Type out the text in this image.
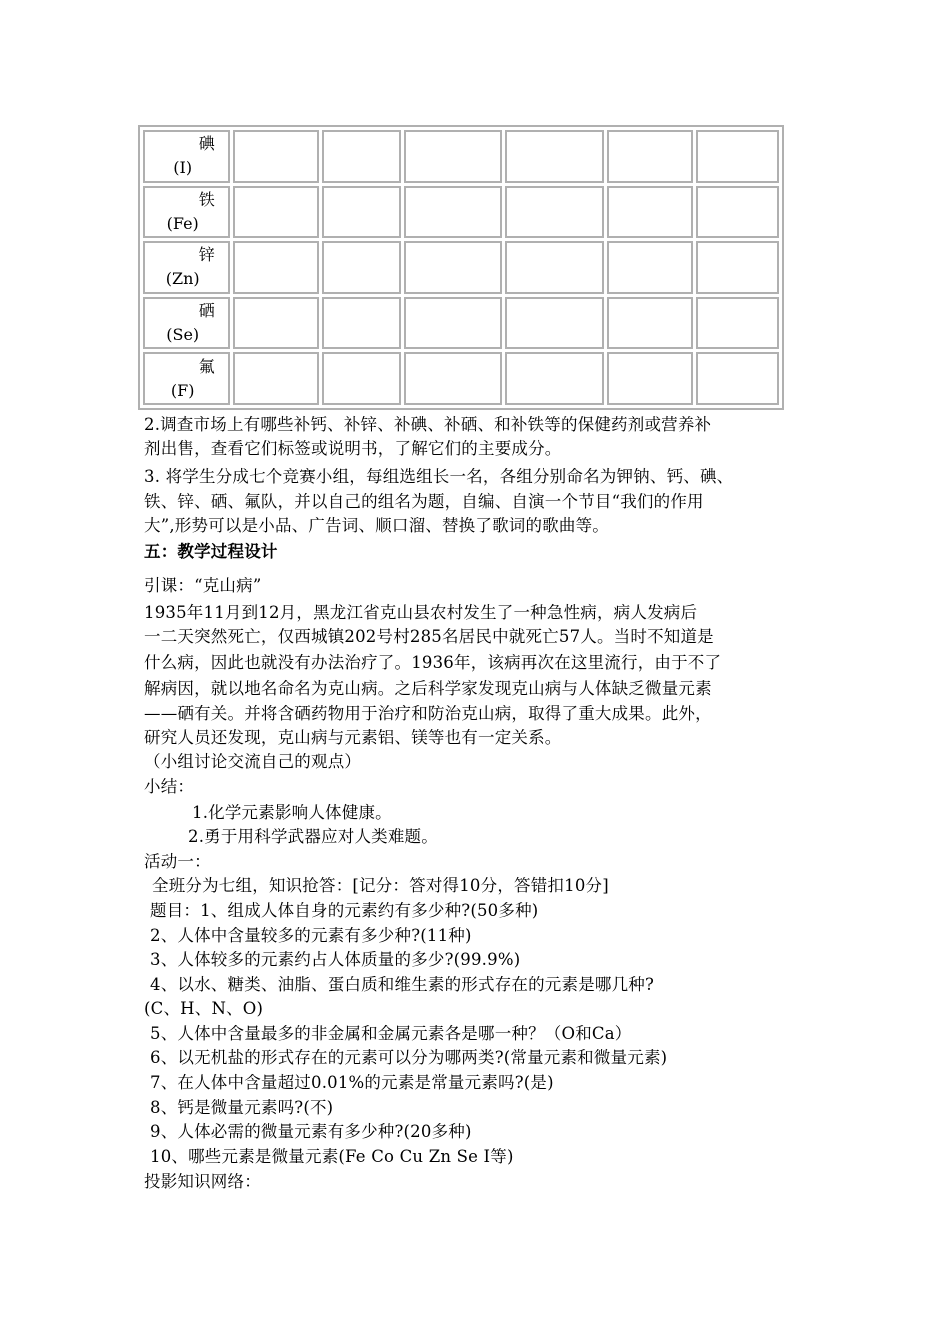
碘
(I)						

铁
(Fe)						

锌
(Zn)						

硒
(Se)						

氟
(F)						

2.调查市场上有哪些补钙、补锌、补碘、补硒、和补铁等的保健药剂或营养补
剂出售，查看它们标签或说明书，了解它们的主要成分。
3. 将学生分成七个竞赛小组，每组选组长一名，各组分别命名为钾钠、钙、碘、
铁、锌、硒、氟队，并以自己的组名为题，自编、自演一个节目“我们的作用
大”,形势可以是小品、广告词、顺口溜、替换了歌词的歌曲等。
五：教学过程设计
引课：“克山病”
1935年11月到12月，黑龙江省克山县农村发生了一种急性病，病人发病后
一二天突然死亡，仅西城镇202号村285名居民中就死亡57人。当时不知道是
什么病，因此也就没有办法治疗了。1936年，该病再次在这里流行，由于不了
解病因，就以地名命名为克山病。之后科学家发现克山病与人体缺乏微量元素
——硒有关。并将含硒药物用于治疗和防治克山病，取得了重大成果。此外，
研究人员还发现，克山病与元素铝、镁等也有一定关系。
（小组讨论交流自己的观点）
小结：
1.化学元素影响人体健康。
2.勇于用科学武器应对人类难题。
活动一：
全班分为七组，知识抢答：[记分：答对得10分，答错扣10分]
题目：1、组成人体自身的元素约有多少种?(50多种)
2、人体中含量较多的元素有多少种?(11种)
3、人体较多的元素约占人体质量的多少?(99.9%)
4、以水、糖类、油脂、蛋白质和维生素的形式存在的元素是哪几种?
(C、H、N、O)
5、人体中含量最多的非金属和金属元素各是哪一种？（O和Ca）
6、以无机盐的形式存在的元素可以分为哪两类?(常量元素和微量元素)
7、在人体中含量超过0.01%的元素是常量元素吗?(是)
8、钙是微量元素吗?(不)
9、人体必需的微量元素有多少种?(20多种)
10、哪些元素是微量元素(Fe Co Cu Zn Se I等)
投影知识网络：
